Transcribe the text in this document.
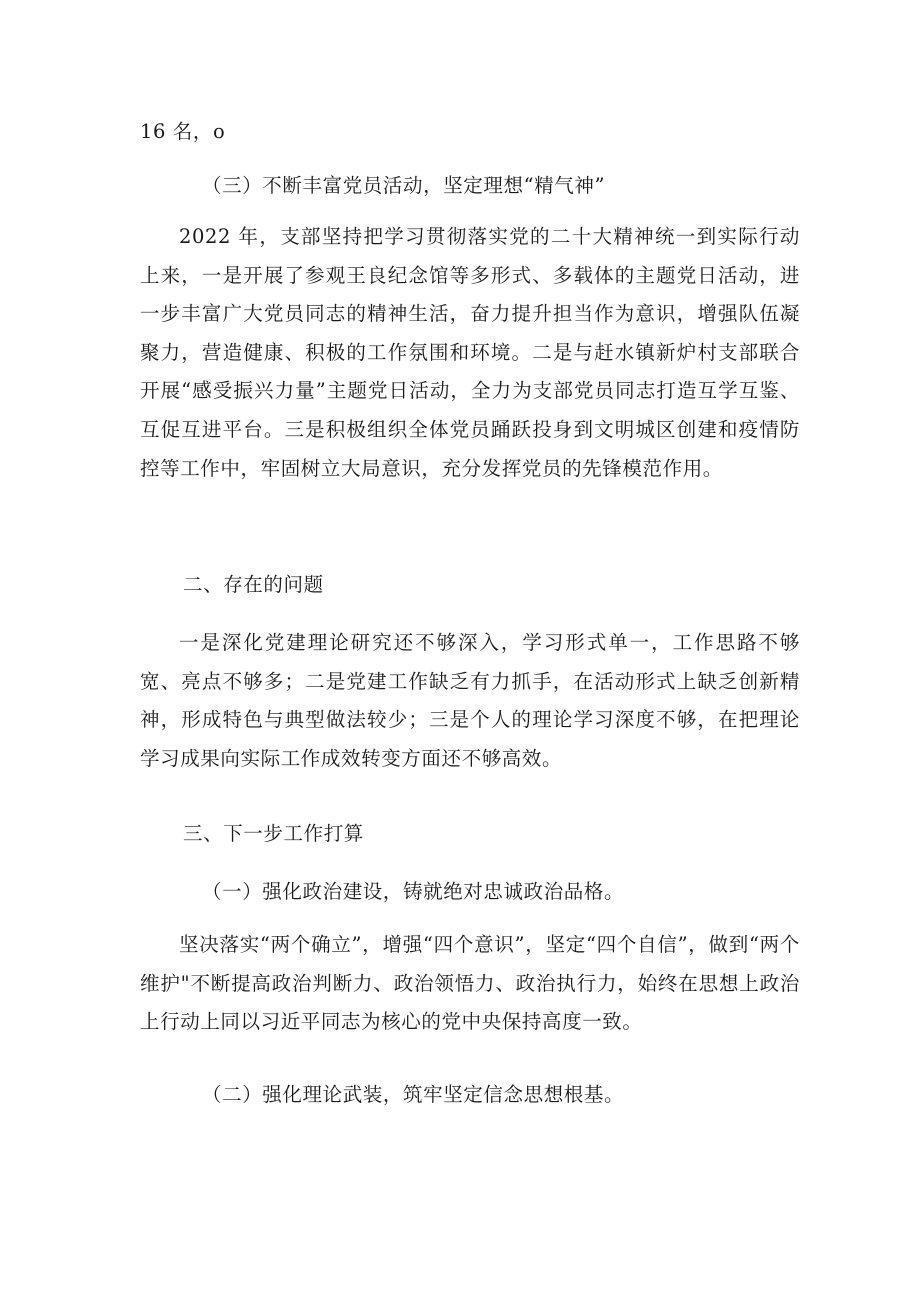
16 名，o
（三）不断丰富党员活动，坚定理想“精气神”
2022 年，支部坚持把学习贯彻落实党的二十大精神统一到实际行动上来，一是开展了参观王良纪念馆等多形式、多载体的主题党日活动，进一步丰富广大党员同志的精神生活，奋力提升担当作为意识，增强队伍凝聚力，营造健康、积极的工作氛围和环境。二是与赶水镇新炉村支部联合开展“感受振兴力量”主题党日活动，全力为支部党员同志打造互学互鉴、互促互进平台。三是积极组织全体党员踊跃投身到文明城区创建和疫情防控等工作中，牢固树立大局意识，充分发挥党员的先锋模范作用。
二、存在的问题
一是深化党建理论研究还不够深入，学习形式单一，工作思路不够宽、亮点不够多；二是党建工作缺乏有力抓手，在活动形式上缺乏创新精神，形成特色与典型做法较少；三是个人的理论学习深度不够，在把理论学习成果向实际工作成效转变方面还不够高效。
三、下一步工作打算
（一）强化政治建设，铸就绝对忠诚政治品格。
坚决落实“两个确立”，增强“四个意识”，坚定“四个自信”，做到“两个维护"不断提高政治判断力、政治领悟力、政治执行力，始终在思想上政治上行动上同以习近平同志为核心的党中央保持高度一致。
（二）强化理论武装，筑牢坚定信念思想根基。
